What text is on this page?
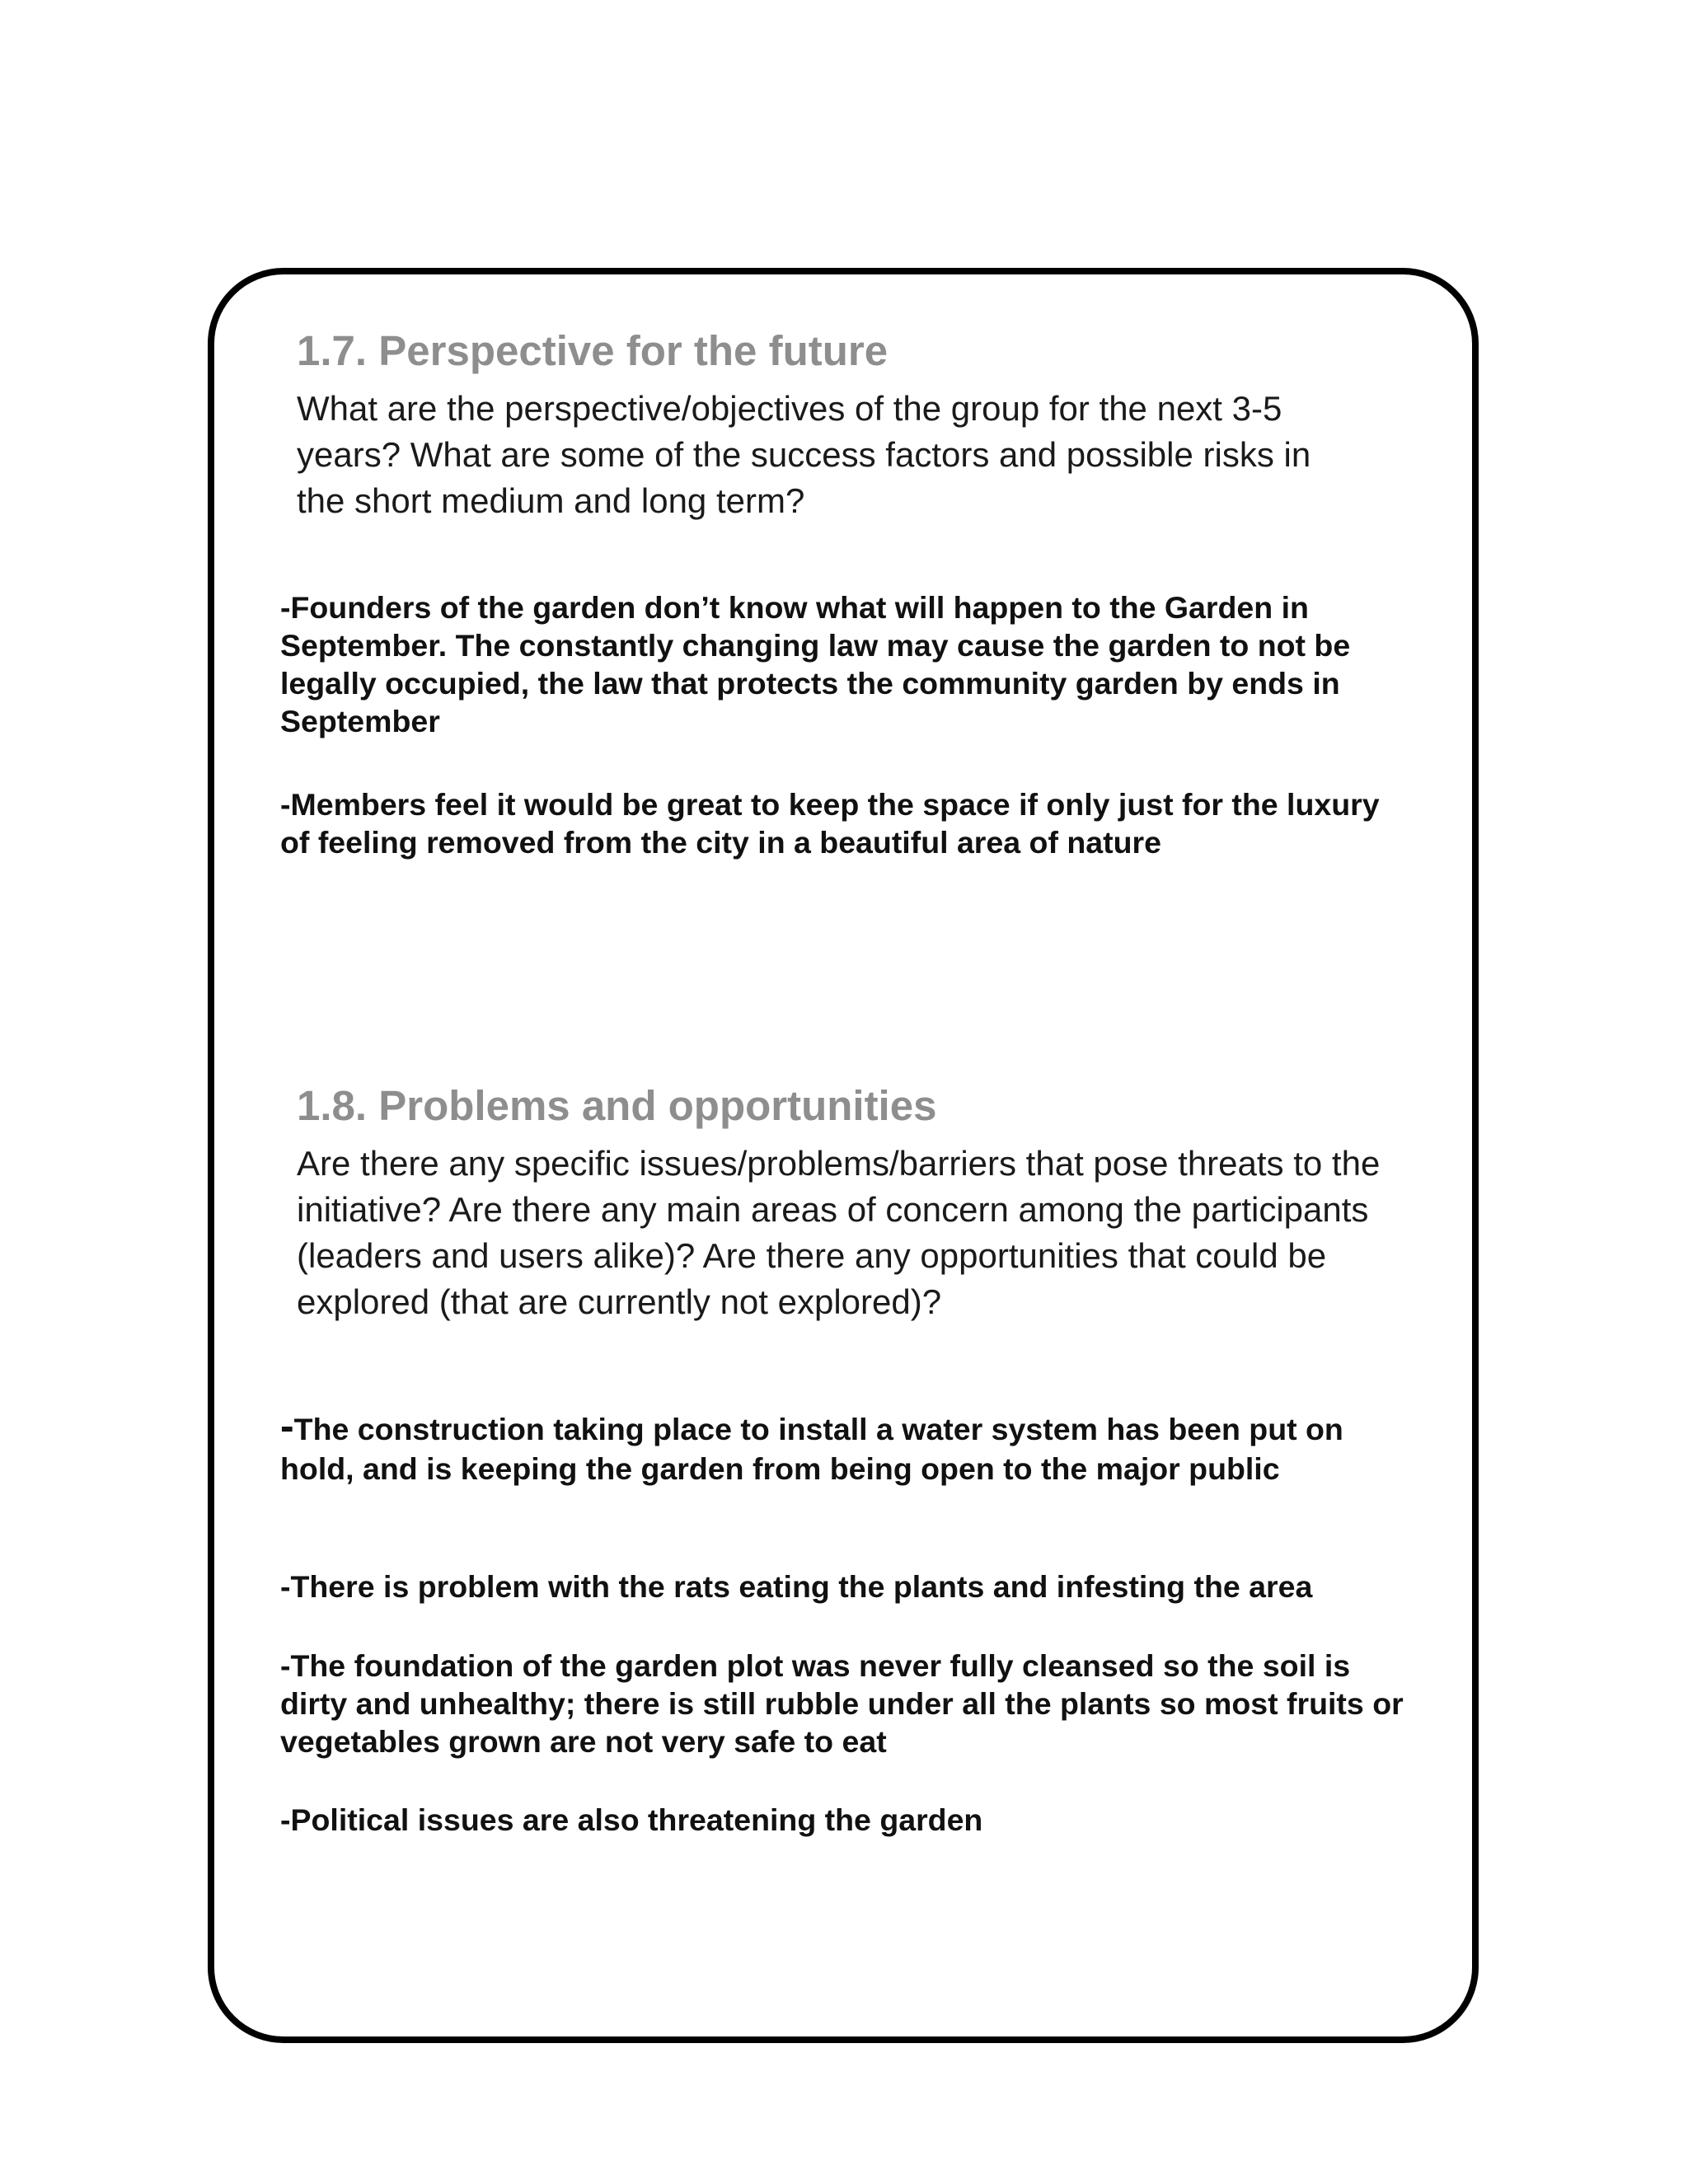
1.7. Perspective for the future

What are the perspective/objectives of the group for the next 3-5 years? What are some of the success factors and possible risks in the short medium and long term?

-Founders of the garden don’t know what will happen to the Garden in September. The constantly changing law may cause the garden to not be legally occupied, the law that protects the community garden by ends in September

-Members feel it would be great to keep the space if only just for the luxury of feeling removed from the city in a beautiful area of nature

1.8. Problems and opportunities

Are there any specific issues/problems/barriers that pose threats to the initiative? Are there any main areas of concern among the participants (leaders and users alike)? Are there any opportunities that could be explored (that are currently not explored)?

-The construction taking place to install a water system has been put on hold, and is keeping the garden from being open to the major public

-There is problem with the rats eating the plants and infesting the area

-The foundation of the garden plot was never fully cleansed so the soil is dirty and unhealthy; there is still rubble under all the plants so most fruits or vegetables grown are not very safe to eat

-Political issues are also threatening the garden
